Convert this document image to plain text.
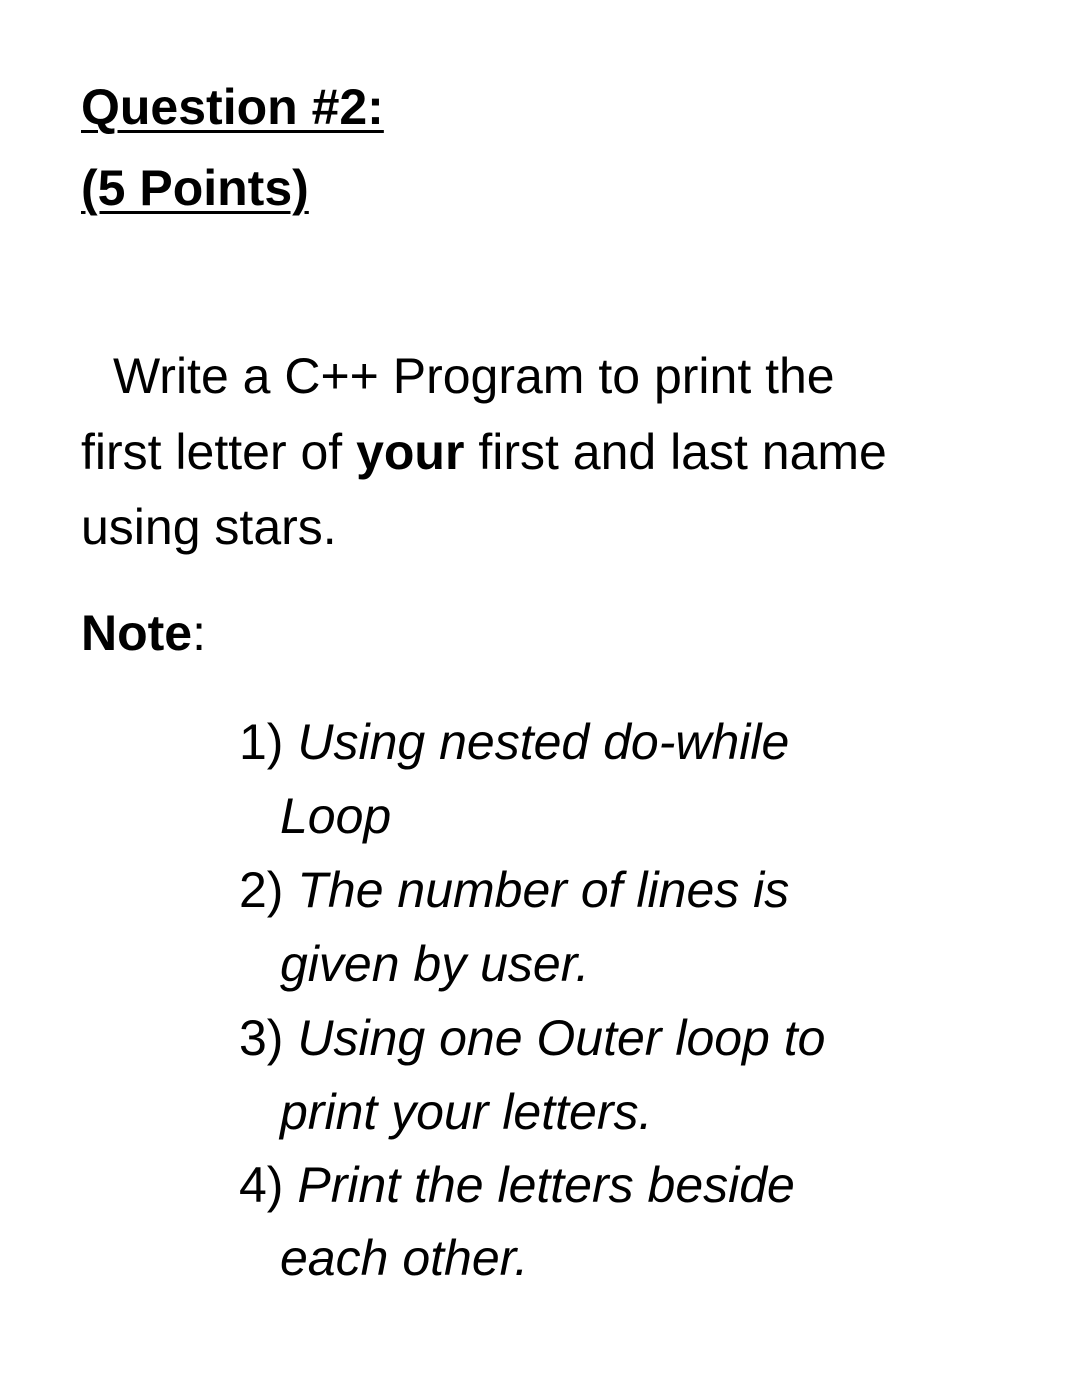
Question #2:
(5 Points)
Write a C++ Program to print the
first letter of your first and last name
using stars.
Note:
1) Using nested do-while
Loop
2) The number of lines is
given by user.
3) Using one Outer loop to
print your letters.
4) Print the letters beside
each other.
